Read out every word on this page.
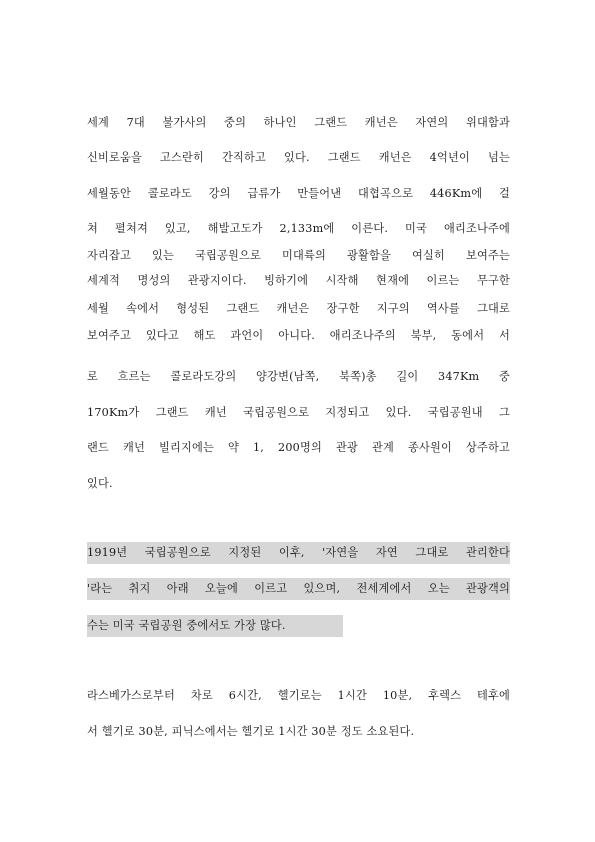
세계 7대 불가사의 중의 하나인 그랜드 캐넌은 자연의 위대함과
신비로움을 고스란히 간직하고 있다. 그랜드 캐넌은 4억년이 넘는
세월동안 콜로라도 강의 급류가 만들어낸 대협곡으로 446Km에 걸
쳐 펼쳐져 있고, 해발고도가 2,133m에 이른다. 미국 애리조나주에
자리잡고 있는 국립공원으로 미대륙의 광활함을 여실히 보여주는
세계적 명성의 관광지이다. 빙하기에 시작해 현재에 이르는 무구한
세월 속에서 형성된 그랜드 캐넌은 장구한 지구의 역사를 그대로
보여주고 있다고 해도 과언이 아니다. 애리조나주의 북부, 동에서 서
로 흐르는 콜로라도강의 양강변(남쪽, 북쪽)총 길이 347Km 중
170Km가 그랜드 캐넌 국립공원으로 지정되고 있다. 국립공원내 그
랜드 캐넌 빌리지에는 약 1, 200명의 관광 관계 종사원이 상주하고
있다.
1919년 국립공원으로 지정된 이후, '자연을 자연 그대로 관리한다
'라는 취지 아래 오늘에 이르고 있으며, 전세계에서 오는 관광객의
수는 미국 국립공원 중에서도 가장 많다.
라스베가스로부터 차로 6시간, 헬기로는 1시간 10분, 후렉스 테후에
서 헬기로 30분, 피닉스에서는 헬기로 1시간 30분 정도 소요된다.
